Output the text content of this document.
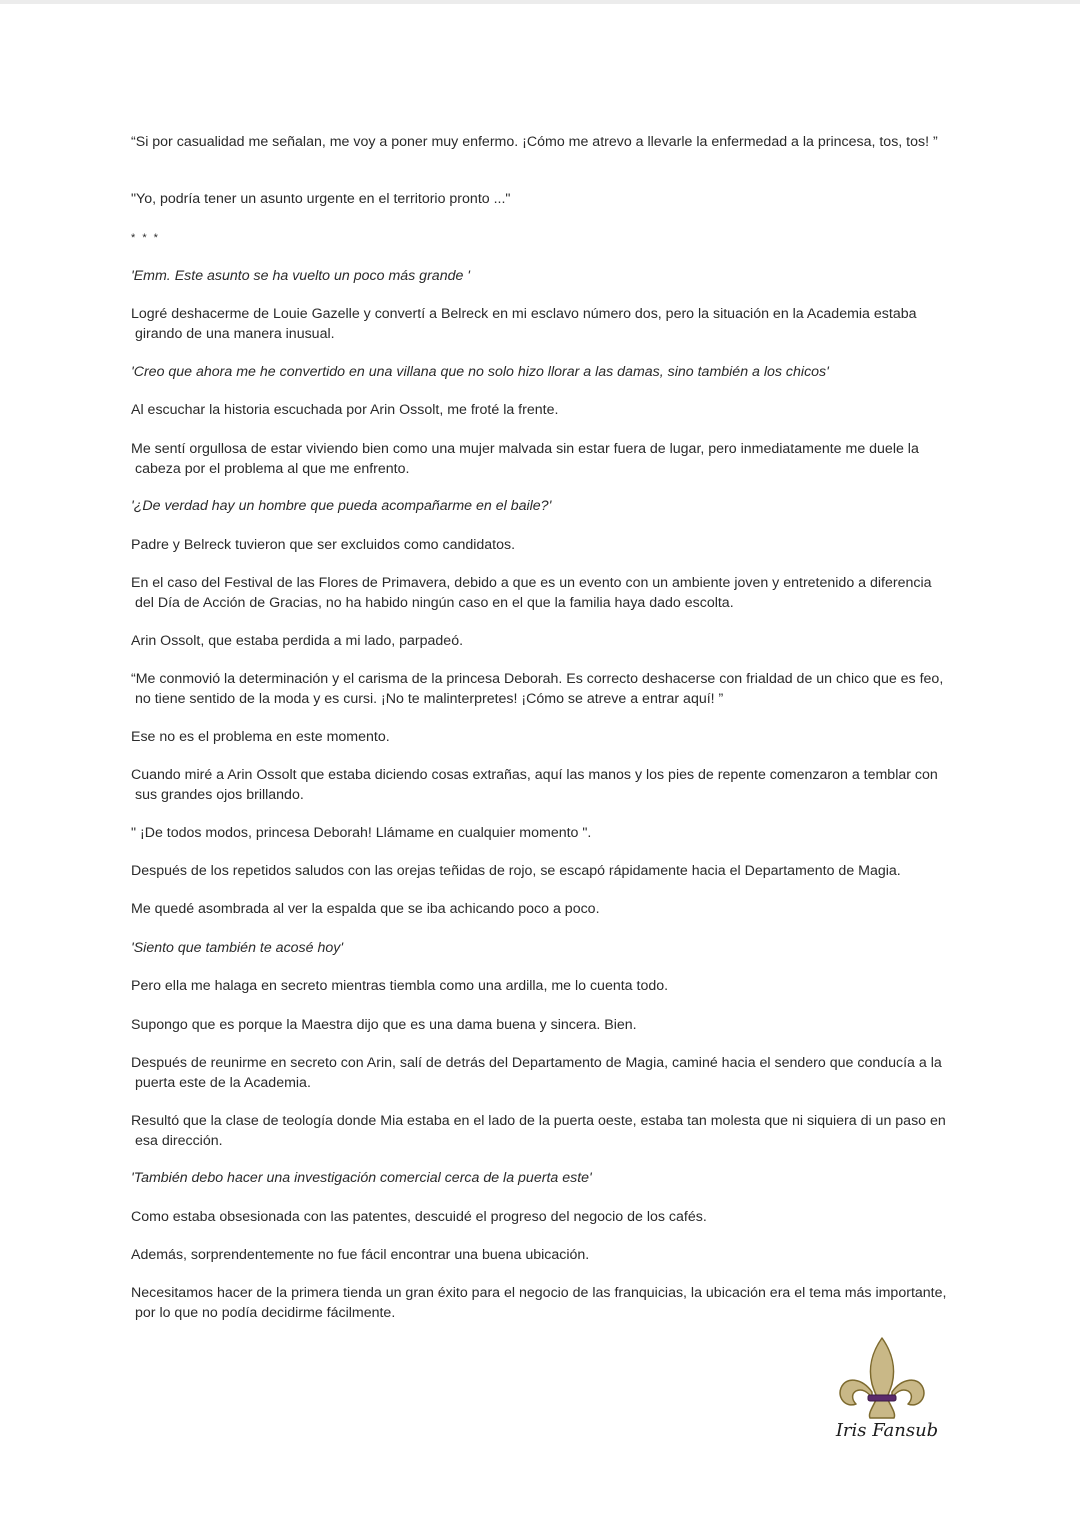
“Si por casualidad me señalan, me voy a poner muy enfermo. ¡Cómo me atrevo a llevarle la enfermedad a la princesa, tos, tos! ”

"Yo, podría tener un asunto urgente en el territorio pronto ..."

* * *

'Emm. Este asunto se ha vuelto un poco más grande '

Logré deshacerme de Louie Gazelle y convertí a Belreck en mi esclavo número dos, pero la situación en la Academia estaba girando de una manera inusual.

'Creo que ahora me he convertido en una villana que no solo hizo llorar a las damas, sino también a los chicos'

Al escuchar la historia escuchada por Arin Ossolt, me froté la frente.

Me sentí orgullosa de estar viviendo bien como una mujer malvada sin estar fuera de lugar, pero inmediatamente me duele la cabeza por el problema al que me enfrento.

'¿De verdad hay un hombre que pueda acompañarme en el baile?'

Padre y Belreck tuvieron que ser excluidos como candidatos.

En el caso del Festival de las Flores de Primavera, debido a que es un evento con un ambiente joven y entretenido a diferencia del Día de Acción de Gracias, no ha habido ningún caso en el que la familia haya dado escolta.

Arin Ossolt, que estaba perdida a mi lado, parpadeó.

“Me conmovió la determinación y el carisma de la princesa Deborah. Es correcto deshacerse con frialdad de un chico que es feo, no tiene sentido de la moda y es cursi. ¡No te malinterpretes! ¡Cómo se atreve a entrar aquí! ”

Ese no es el problema en este momento.

Cuando miré a Arin Ossolt que estaba diciendo cosas extrañas, aquí las manos y los pies de repente comenzaron a temblar con sus grandes ojos brillando.

" ¡De todos modos, princesa Deborah! Llámame en cualquier momento ".

Después de los repetidos saludos con las orejas teñidas de rojo, se escapó rápidamente hacia el Departamento de Magia.

Me quedé asombrada al ver la espalda que se iba achicando poco a poco.

'Siento que también te acosé hoy'

Pero ella me halaga en secreto mientras tiembla como una ardilla, me lo cuenta todo.

Supongo que es porque la Maestra dijo que es una dama buena y sincera. Bien.

Después de reunirme en secreto con Arin, salí de detrás del Departamento de Magia, caminé hacia el sendero que conducía a la puerta este de la Academia.

Resultó que la clase de teología donde Mia estaba en el lado de la puerta oeste, estaba tan molesta que ni siquiera di un paso en esa dirección.

'También debo hacer una investigación comercial cerca de la puerta este'

Como estaba obsesionada con las patentes, descuidé el progreso del negocio de los cafés.

Además, sorprendentemente no fue fácil encontrar una buena ubicación.

Necesitamos hacer de la primera tienda un gran éxito para el negocio de las franquicias, la ubicación era el tema más importante, por lo que no podía decidirme fácilmente.

Iris Fansub
